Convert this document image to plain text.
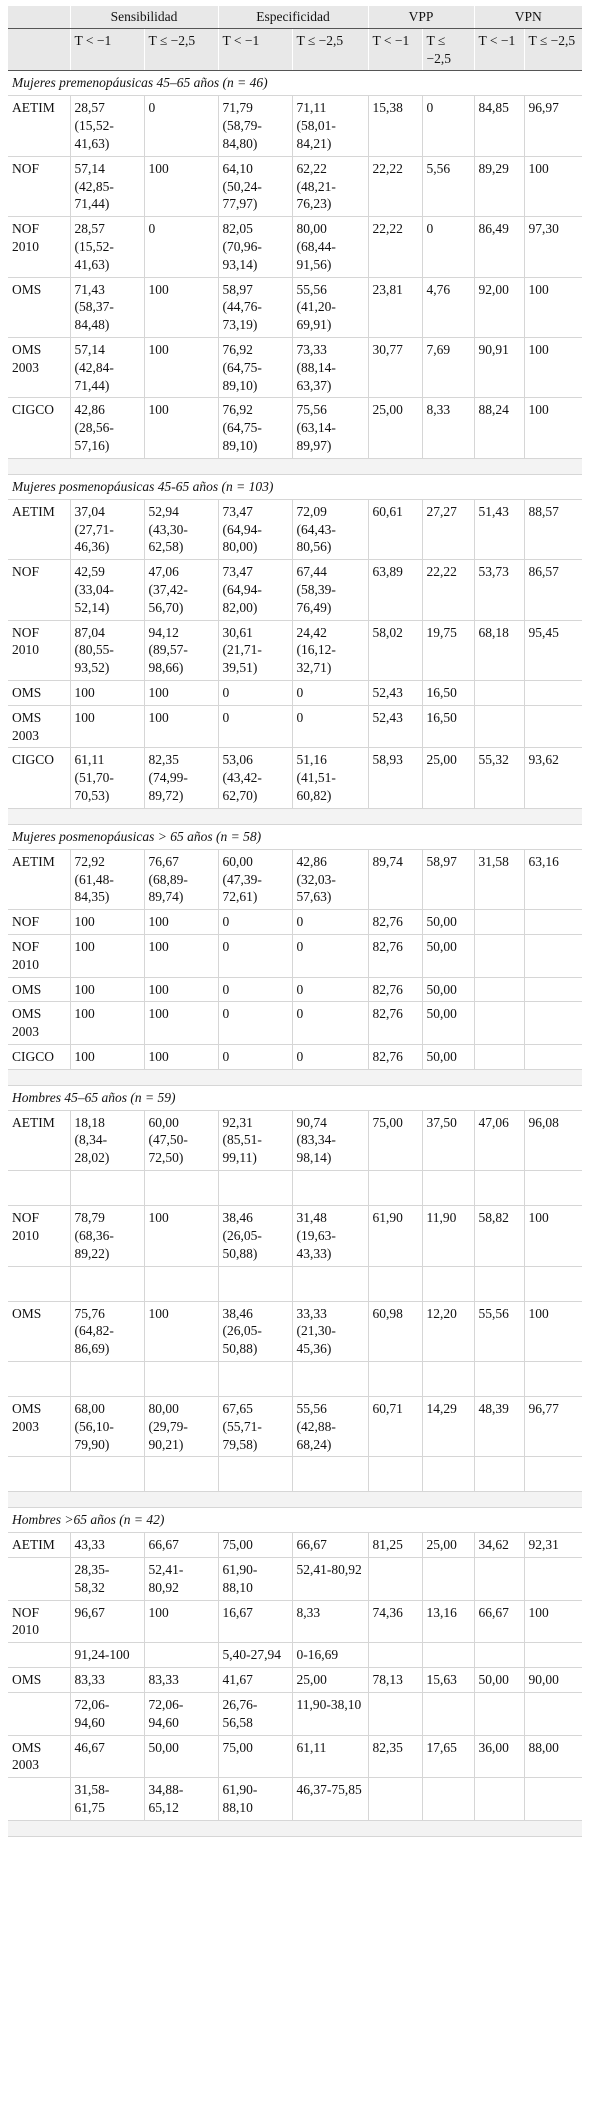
	Sensibilidad		Especificidad		VPP		VPN	
	T < −1	T ≤ −2,5	T < −1	T ≤ −2,5	T < −1	T ≤ −2,5	T < −1	T ≤ −2,5
Mujeres premenopáusicas 45–65 años (n = 46)								
AETIM	28,57 (15,52-41,63)	0	71,79 (58,79-84,80)	71,11 (58,01-84,21)	15,38	0	84,85	96,97
NOF	57,14 (42,85-71,44)	100	64,10 (50,24-77,97)	62,22 (48,21-76,23)	22,22	5,56	89,29	100
NOF 2010	28,57 (15,52-41,63)	0	82,05 (70,96-93,14)	80,00 (68,44-91,56)	22,22	0	86,49	97,30
OMS	71,43 (58,37-84,48)	100	58,97 (44,76-73,19)	55,56 (41,20-69,91)	23,81	4,76	92,00	100
OMS 2003	57,14 (42,84-71,44)	100	76,92 (64,75-89,10)	73,33 (88,14-63,37)	30,77	7,69	90,91	100
CIGCO	42,86 (28,56-57,16)	100	76,92 (64,75-89,10)	75,56 (63,14-89,97)	25,00	8,33	88,24	100

Mujeres posmenopáusicas 45-65 años (n = 103)								
AETIM	37,04 (27,71-46,36)	52,94 (43,30-62,58)	73,47 (64,94-80,00)	72,09 (64,43-80,56)	60,61	27,27	51,43	88,57
NOF	42,59 (33,04-52,14)	47,06 (37,42-56,70)	73,47 (64,94-82,00)	67,44 (58,39-76,49)	63,89	22,22	53,73	86,57
NOF 2010	87,04 (80,55-93,52)	94,12 (89,57-98,66)	30,61 (21,71-39,51)	24,42 (16,12-32,71)	58,02	19,75	68,18	95,45
OMS	100	100	0	0	52,43	16,50		
OMS 2003	100	100	0	0	52,43	16,50		
CIGCO	61,11 (51,70-70,53)	82,35 (74,99-89,72)	53,06 (43,42-62,70)	51,16 (41,51-60,82)	58,93	25,00	55,32	93,62

Mujeres posmenopáusicas > 65 años (n = 58)								
AETIM	72,92 (61,48-84,35)	76,67 (68,89-89,74)	60,00 (47,39-72,61)	42,86 (32,03-57,63)	89,74	58,97	31,58	63,16
NOF	100	100	0	0	82,76	50,00		
NOF 2010	100	100	0	0	82,76	50,00		
OMS	100	100	0	0	82,76	50,00		
OMS 2003	100	100	0	0	82,76	50,00		
CIGCO	100	100	0	0	82,76	50,00		

Hombres 45–65 años (n = 59)								
AETIM	18,18 (8,34-28,02)	60,00 (47,50-72,50)	92,31 (85,51-99,11)	90,74 (83,34-98,14)	75,00	37,50	47,06	96,08

NOF 2010	78,79 (68,36-89,22)	100	38,46 (26,05-50,88)	31,48 (19,63-43,33)	61,90	11,90	58,82	100

OMS	75,76 (64,82-86,69)	100	38,46 (26,05-50,88)	33,33 (21,30-45,36)	60,98	12,20	55,56	100

OMS 2003	68,00 (56,10-79,90)	80,00 (29,79-90,21)	67,65 (55,71-79,58)	55,56 (42,88-68,24)	60,71	14,29	48,39	96,77

Hombres >65 años (n = 42)								
AETIM	43,33	66,67	75,00	66,67	81,25	25,00	34,62	92,31
	28,35-58,32	52,41-80,92	61,90-88,10	52,41-80,92				
NOF 2010	96,67	100	16,67	8,33	74,36	13,16	66,67	100
	91,24-100		5,40-27,94	0-16,69				
OMS	83,33	83,33	41,67	25,00	78,13	15,63	50,00	90,00
	72,06-94,60	72,06-94,60	26,76-56,58	11,90-38,10				
OMS 2003	46,67	50,00	75,00	61,11	82,35	17,65	36,00	88,00
	31,58-61,75	34,88-65,12	61,90-88,10	46,37-75,85				
